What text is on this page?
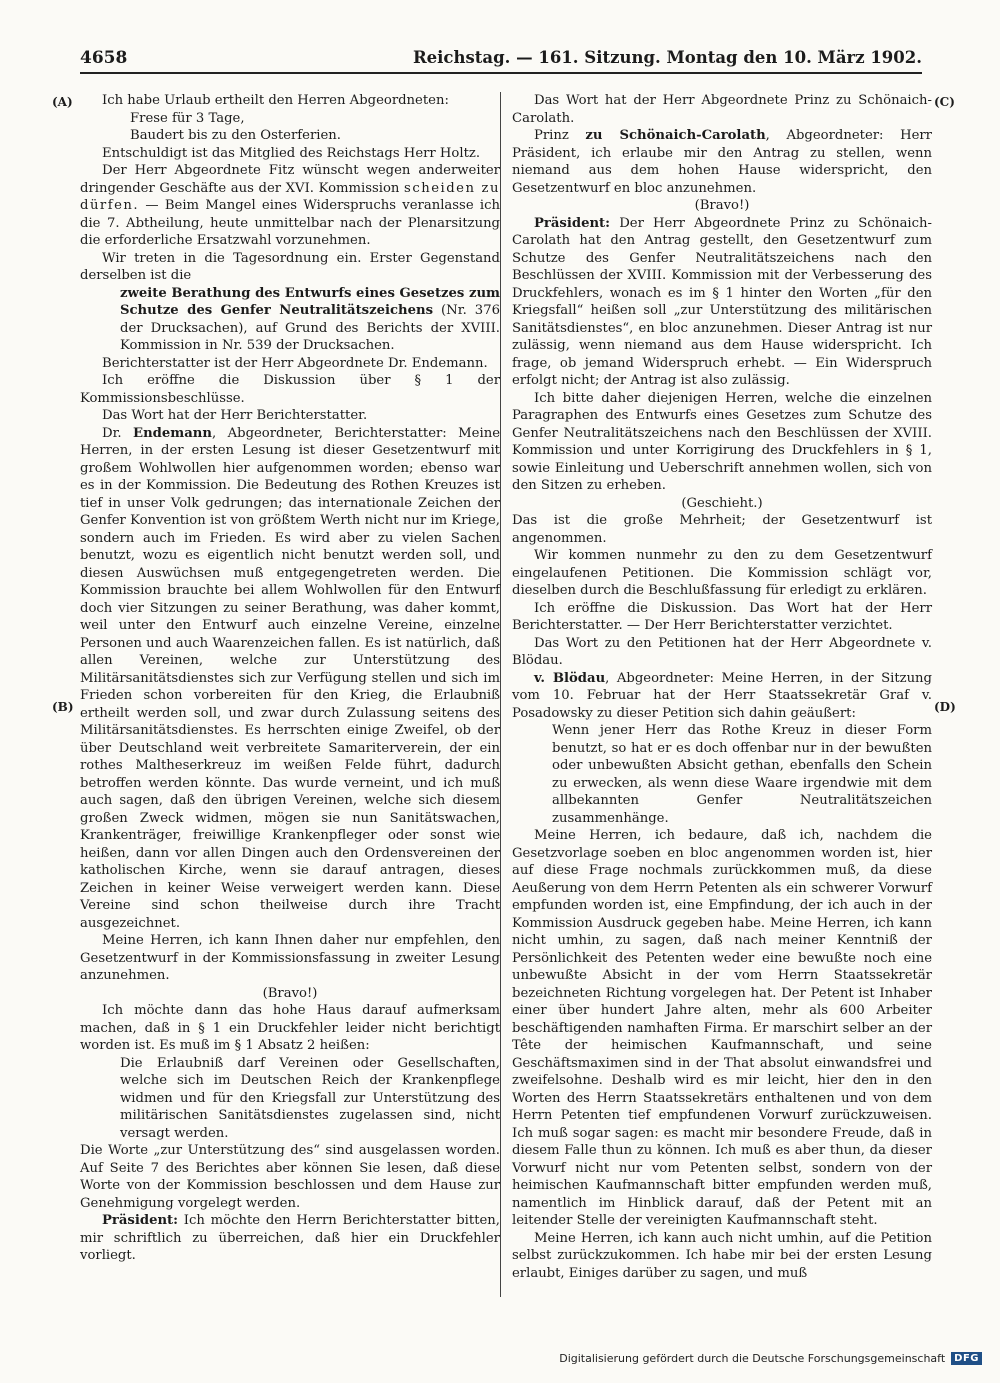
4658	Reichstag. — 161. Sitzung. Montag den 10. März 1902.
(A)
(B)
(C)
(D)

Ich habe Urlaub ertheilt den Herren Abgeordneten:

Frese für 3 Tage,

Baudert bis zu den Osterferien.

Entschuldigt ist das Mitglied des Reichstags Herr Holtz.

Der Herr Abgeordnete Fitz wünscht wegen anderweiter dringender Geschäfte aus der XVI. Kommission scheiden zu dürfen. — Beim Mangel eines Widerspruchs veranlasse ich die 7. Abtheilung, heute unmittelbar nach der Plenarsitzung die erforderliche Ersatzwahl vorzunehmen.

Wir treten in die Tagesordnung ein. Erster Gegenstand derselben ist die

zweite Berathung des Entwurfs eines Gesetzes zum Schutze des Genfer Neutralitätszeichens (Nr. 376 der Drucksachen), auf Grund des Berichts der XVIII. Kommission in Nr. 539 der Drucksachen.

Berichterstatter ist der Herr Abgeordnete Dr. Endemann.

Ich eröffne die Diskussion über § 1 der Kommissionsbeschlüsse.

Das Wort hat der Herr Berichterstatter.

Dr. Endemann, Abgeordneter, Berichterstatter: Meine Herren, in der ersten Lesung ist dieser Gesetzentwurf mit großem Wohlwollen hier aufgenommen worden; ebenso war es in der Kommission. Die Bedeutung des Rothen Kreuzes ist tief in unser Volk gedrungen; das internationale Zeichen der Genfer Konvention ist von größtem Werth nicht nur im Kriege, sondern auch im Frieden. Es wird aber zu vielen Sachen benutzt, wozu es eigentlich nicht benutzt werden soll, und diesen Auswüchsen muß entgegengetreten werden. Die Kommission brauchte bei allem Wohlwollen für den Entwurf doch vier Sitzungen zu seiner Berathung, was daher kommt, weil unter den Entwurf auch einzelne Vereine, einzelne Personen und auch Waarenzeichen fallen. Es ist natürlich, daß allen Vereinen, welche zur Unterstützung des Militärsanitätsdienstes sich zur Verfügung stellen und sich im Frieden schon vorbereiten für den Krieg, die Erlaubniß ertheilt werden soll, und zwar durch Zulassung seitens des Militärsanitätsdienstes. Es herrschten einige Zweifel, ob der über Deutschland weit verbreitete Samariterverein, der ein rothes Maltheserkreuz im weißen Felde führt, dadurch betroffen werden könnte. Das wurde verneint, und ich muß auch sagen, daß den übrigen Vereinen, welche sich diesem großen Zweck widmen, mögen sie nun Sanitätswachen, Krankenträger, freiwillige Krankenpfleger oder sonst wie heißen, dann vor allen Dingen auch den Ordensvereinen der katholischen Kirche, wenn sie darauf antragen, dieses Zeichen in keiner Weise verweigert werden kann. Diese Vereine sind schon theilweise durch ihre Tracht ausgezeichnet.

Meine Herren, ich kann Ihnen daher nur empfehlen, den Gesetzentwurf in der Kommissionsfassung in zweiter Lesung anzunehmen.

(Bravo!)

Ich möchte dann das hohe Haus darauf aufmerksam machen, daß in § 1 ein Druckfehler leider nicht berichtigt worden ist. Es muß im § 1 Absatz 2 heißen:

Die Erlaubniß darf Vereinen oder Gesellschaften, welche sich im Deutschen Reich der Krankenpflege widmen und für den Kriegsfall zur Unterstützung des militärischen Sanitätsdienstes zugelassen sind, nicht versagt werden.

Die Worte „zur Unterstützung des“ sind ausgelassen worden. Auf Seite 7 des Berichtes aber können Sie lesen, daß diese Worte von der Kommission beschlossen und dem Hause zur Genehmigung vorgelegt werden.

Präsident: Ich möchte den Herrn Berichterstatter bitten, mir schriftlich zu überreichen, daß hier ein Druckfehler vorliegt.

Das Wort hat der Herr Abgeordnete Prinz zu Schönaich-Carolath.

Prinz zu Schönaich-Carolath, Abgeordneter: Herr Präsident, ich erlaube mir den Antrag zu stellen, wenn niemand aus dem hohen Hause widerspricht, den Gesetzentwurf en bloc anzunehmen.

(Bravo!)

Präsident: Der Herr Abgeordnete Prinz zu Schönaich-Carolath hat den Antrag gestellt, den Gesetzentwurf zum Schutze des Genfer Neutralitätszeichens nach den Beschlüssen der XVIII. Kommission mit der Verbesserung des Druckfehlers, wonach es im § 1 hinter den Worten „für den Kriegsfall“ heißen soll „zur Unterstützung des militärischen Sanitätsdienstes“, en bloc anzunehmen. Dieser Antrag ist nur zulässig, wenn niemand aus dem Hause widerspricht. Ich frage, ob jemand Widerspruch erhebt. — Ein Widerspruch erfolgt nicht; der Antrag ist also zulässig.

Ich bitte daher diejenigen Herren, welche die einzelnen Paragraphen des Entwurfs eines Gesetzes zum Schutze des Genfer Neutralitätszeichens nach den Beschlüssen der XVIII. Kommission und unter Korrigirung des Druckfehlers in § 1, sowie Einleitung und Ueberschrift annehmen wollen, sich von den Sitzen zu erheben.

(Geschieht.)

Das ist die große Mehrheit; der Gesetzentwurf ist angenommen.

Wir kommen nunmehr zu den zu dem Gesetzentwurf eingelaufenen Petitionen. Die Kommission schlägt vor, dieselben durch die Beschlußfassung für erledigt zu erklären.

Ich eröffne die Diskussion. Das Wort hat der Herr Berichterstatter. — Der Herr Berichterstatter verzichtet.

Das Wort zu den Petitionen hat der Herr Abgeordnete v. Blödau.

v. Blödau, Abgeordneter: Meine Herren, in der Sitzung vom 10. Februar hat der Herr Staatssekretär Graf v. Posadowsky zu dieser Petition sich dahin geäußert:

Wenn jener Herr das Rothe Kreuz in dieser Form benutzt, so hat er es doch offenbar nur in der bewußten oder unbewußten Absicht gethan, ebenfalls den Schein zu erwecken, als wenn diese Waare irgendwie mit dem allbekannten Genfer Neutralitätszeichen zusammenhänge.

Meine Herren, ich bedaure, daß ich, nachdem die Gesetzvorlage soeben en bloc angenommen worden ist, hier auf diese Frage nochmals zurückkommen muß, da diese Aeußerung von dem Herrn Petenten als ein schwerer Vorwurf empfunden worden ist, eine Empfindung, der ich auch in der Kommission Ausdruck gegeben habe. Meine Herren, ich kann nicht umhin, zu sagen, daß nach meiner Kenntniß der Persönlichkeit des Petenten weder eine bewußte noch eine unbewußte Absicht in der vom Herrn Staatssekretär bezeichneten Richtung vorgelegen hat. Der Petent ist Inhaber einer über hundert Jahre alten, mehr als 600 Arbeiter beschäftigenden namhaften Firma. Er marschirt selber an der Tête der heimischen Kaufmannschaft, und seine Geschäftsmaximen sind in der That absolut einwandsfrei und zweifelsohne. Deshalb wird es mir leicht, hier den in den Worten des Herrn Staatssekretärs enthaltenen und von dem Herrn Petenten tief empfundenen Vorwurf zurückzuweisen. Ich muß sogar sagen: es macht mir besondere Freude, daß in diesem Falle thun zu können. Ich muß es aber thun, da dieser Vorwurf nicht nur vom Petenten selbst, sondern von der heimischen Kaufmannschaft bitter empfunden werden muß, namentlich im Hinblick darauf, daß der Petent mit an leitender Stelle der vereinigten Kaufmannschaft steht.

Meine Herren, ich kann auch nicht umhin, auf die Petition selbst zurückzukommen. Ich habe mir bei der ersten Lesung erlaubt, Einiges darüber zu sagen, und muß

Digitalisierung gefördert durch die Deutsche Forschungsgemeinschaft DFG
